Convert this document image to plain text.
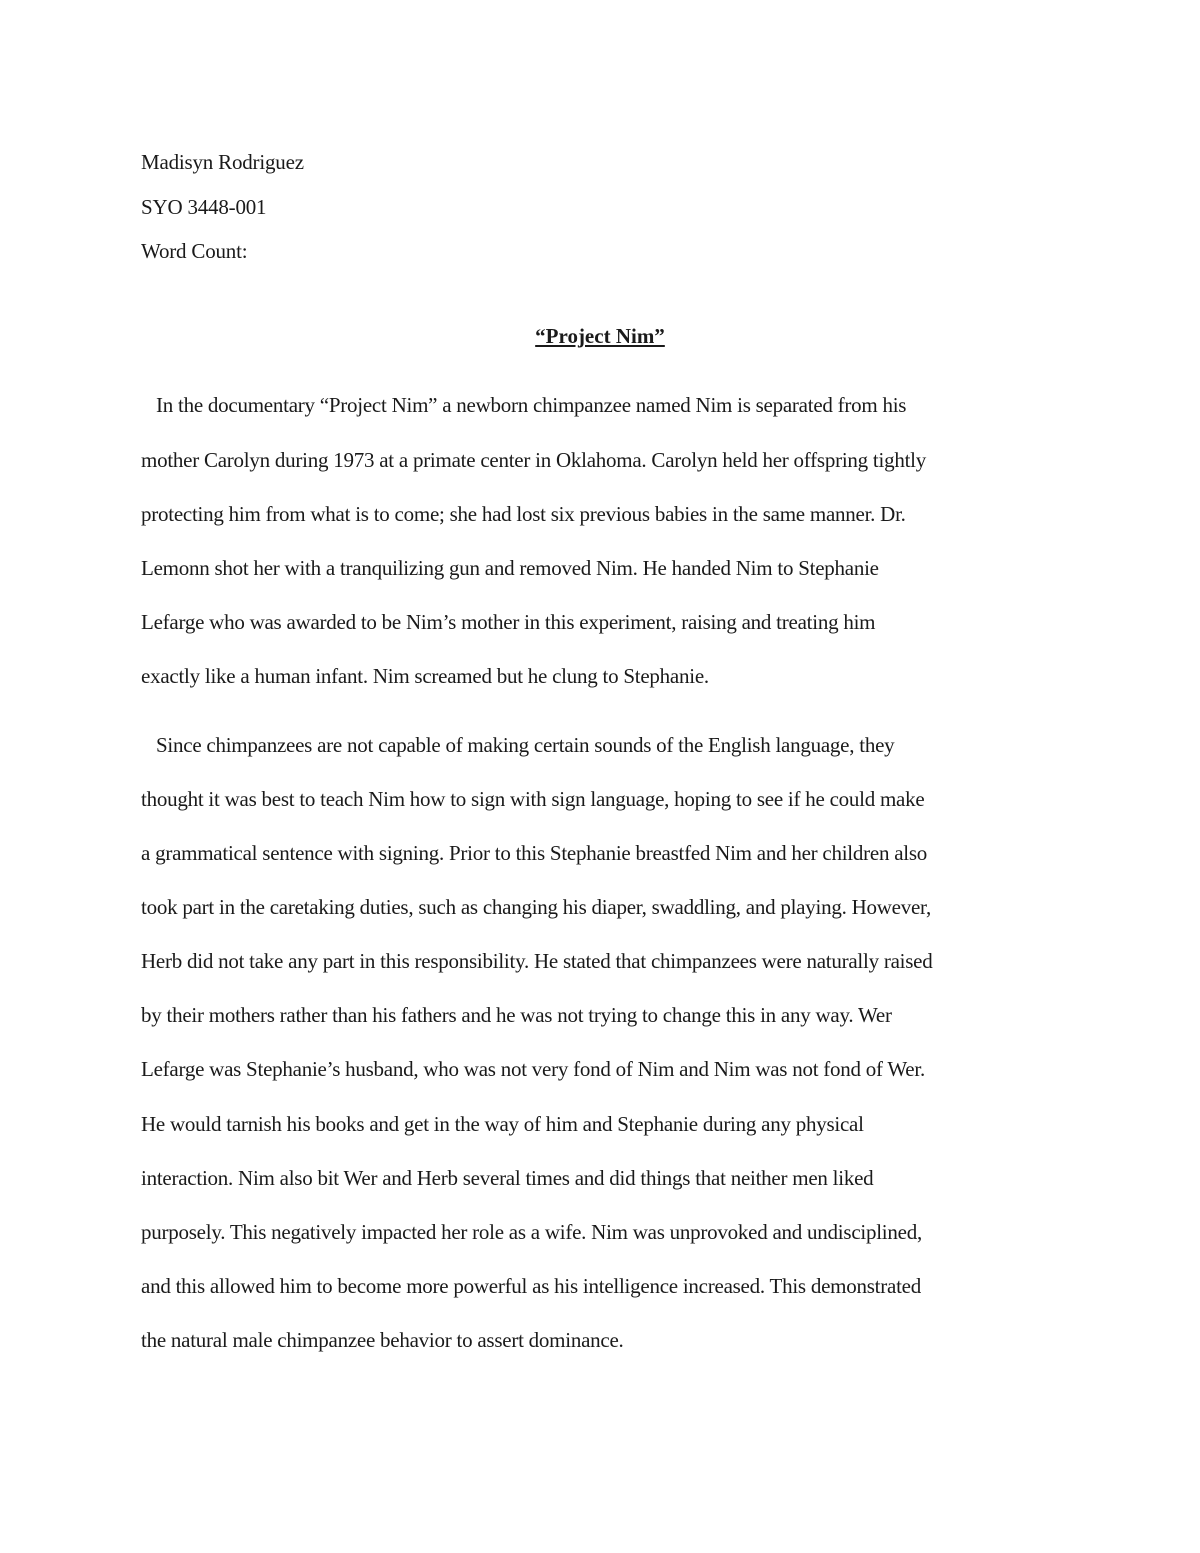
Madisyn Rodriguez
SYO 3448-001
Word Count:
“Project Nim”
In the documentary “Project Nim” a newborn chimpanzee named Nim is separated from his
mother Carolyn during 1973 at a primate center in Oklahoma. Carolyn held her offspring tightly
protecting him from what is to come; she had lost six previous babies in the same manner. Dr.
Lemonn shot her with a tranquilizing gun and removed Nim. He handed Nim to Stephanie
Lefarge who was awarded to be Nim’s mother in this experiment, raising and treating him
exactly like a human infant. Nim screamed but he clung to Stephanie.
Since chimpanzees are not capable of making certain sounds of the English language, they
thought it was best to teach Nim how to sign with sign language, hoping to see if he could make
a grammatical sentence with signing. Prior to this Stephanie breastfed Nim and her children also
took part in the caretaking duties, such as changing his diaper, swaddling, and playing. However,
Herb did not take any part in this responsibility. He stated that chimpanzees were naturally raised
by their mothers rather than his fathers and he was not trying to change this in any way. Wer
Lefarge was Stephanie’s husband, who was not very fond of Nim and Nim was not fond of Wer.
He would tarnish his books and get in the way of him and Stephanie during any physical
interaction. Nim also bit Wer and Herb several times and did things that neither men liked
purposely. This negatively impacted her role as a wife. Nim was unprovoked and undisciplined,
and this allowed him to become more powerful as his intelligence increased. This demonstrated
the natural male chimpanzee behavior to assert dominance.
